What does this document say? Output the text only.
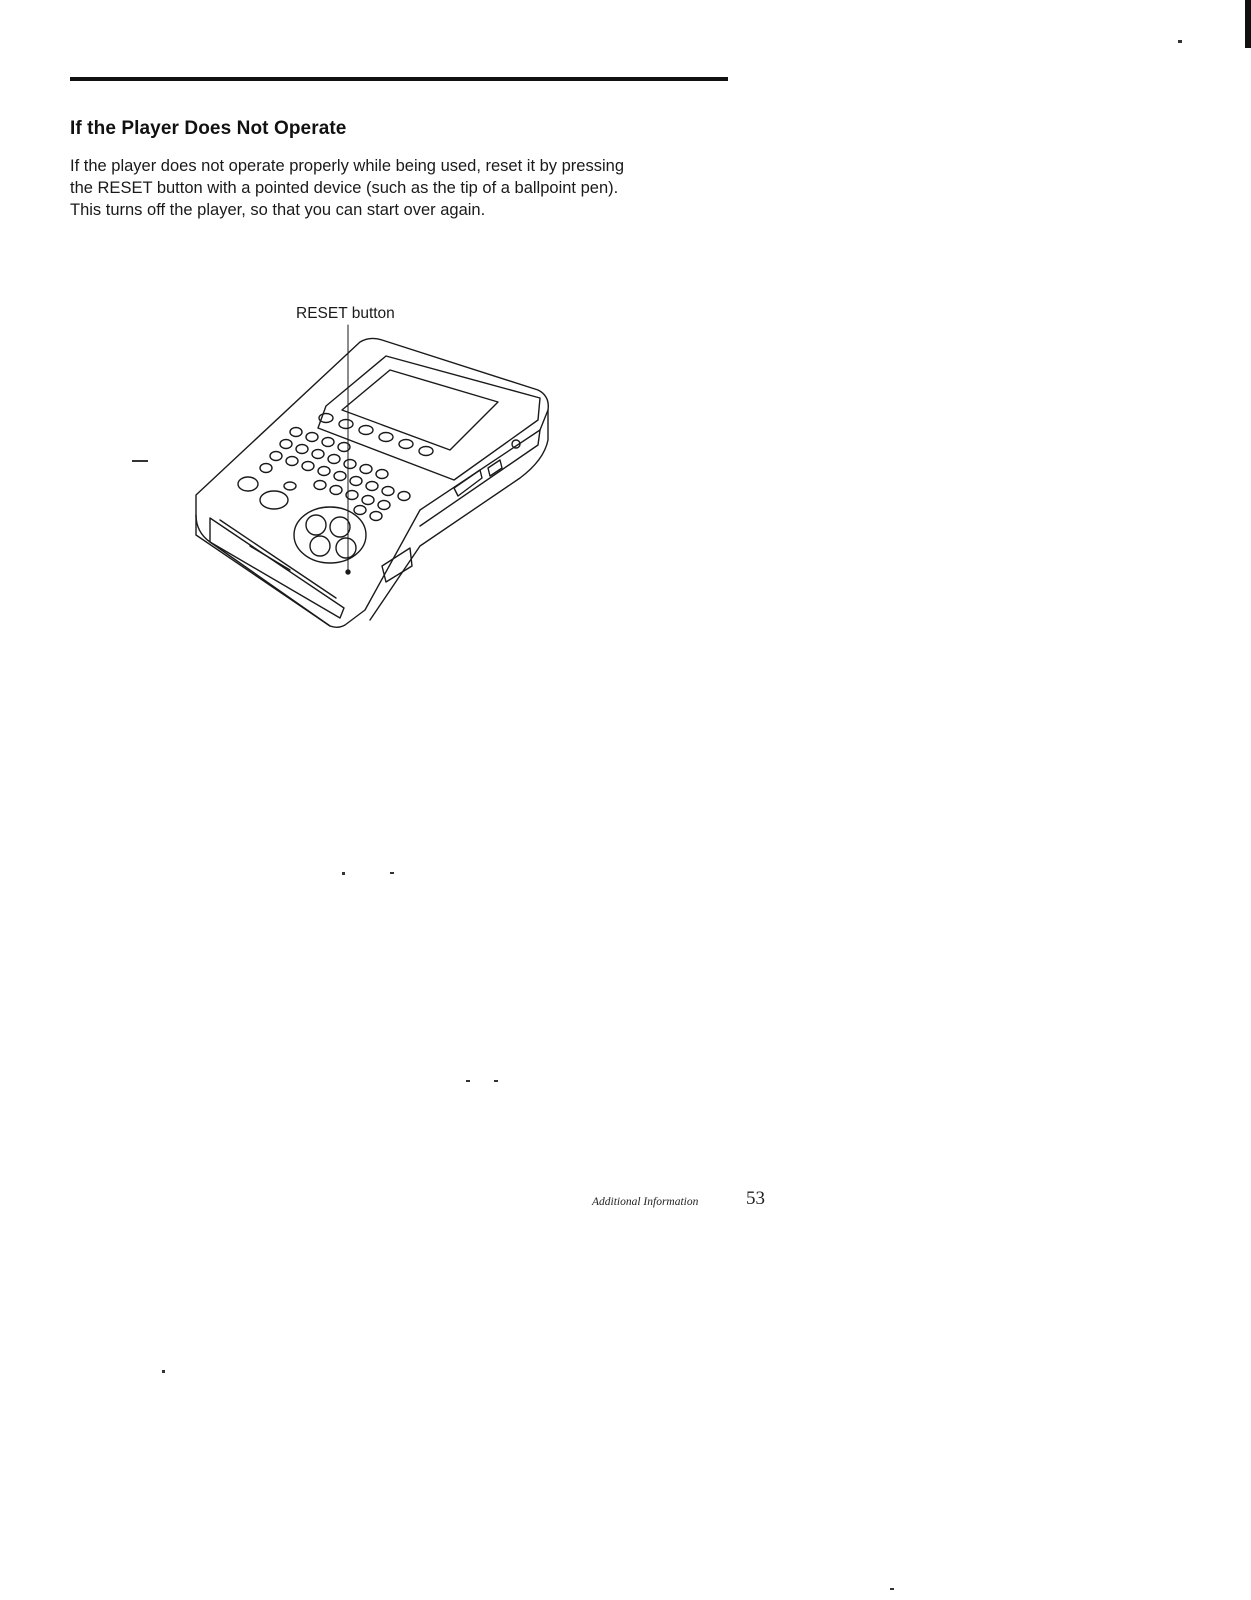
If the Player Does Not Operate

If the player does not operate properly while being used, reset it by pressing

the RESET button with a pointed device (such as the tip of a ballpoint pen).

This turns off the player, so that you can start over again.

RESET button
Additional Information	53
